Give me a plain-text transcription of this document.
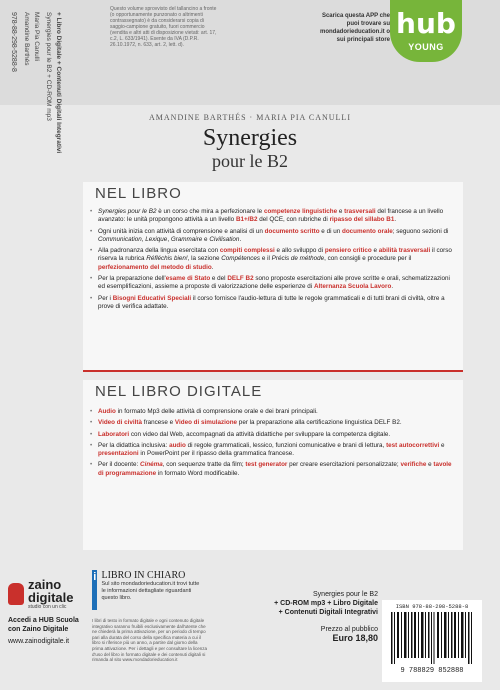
978-88-298-5288-8 Amandine Barthés Maria Pia Canulli Synergies pour le B2 + CD-ROM mp3 + Libro Digitale + Contenuti Digitali Integrativi
Questo volume sprovvisto del tallancino a fronte (o opportunamente punzonato o altrimenti contrassegnato) è da considerarsi copia di saggio-campione gratuito, fuori commercio (vendita e altri atti di disposizione vietati: art. 17, c.2, L. 633/1941). Esente da IVA (D.P.R. 26.10.1972, n. 633, art. 2, lett. d).
Scarica questa APP che puoi trovare su mondadorieducation.it o sui principali store hub
YOUNG
AMANDINE BARTHÉS · MARIA PIA CANULLI
Synergies
pour le B2
NEL LIBRO
• Synergies pour le B2 è un corso che mira a perfezionare le competenze linguistiche e trasversali del francese a un livello avanzato: le unità propongono attività a un livello B1+/B2 del QCE, con rubriche di ripasso del sillabo B1.
• Ogni unità inizia con attività di comprensione e analisi di un documento scritto e di un documento orale; seguono sezioni di Communication, Lexique, Grammaire e Civilisation.
• Alla padronanza della lingua esercitata con compiti complessi e allo sviluppo di pensiero critico e abilità trasversali il corso riserva la rubrica Réfléchis bien!, la sezione Compétences e il Précis de méthode, con consigli e procedure per il perfezionamento del metodo di studio.
• Per la preparazione dell'esame di Stato e del DELF B2 sono proposte esercitazioni alle prove scritte e orali, schematizzazioni ed esemplificazioni, assieme a proposte di valorizzazione delle esperienze di Alternanza Scuola Lavoro.
• Per i Bisogni Educativi Speciali il corso fornisce l'audio-lettura di tutte le regole grammaticali e di tutti brani di civiltà, oltre a prove di verifica adattate.
NEL LIBRO DIGITALE
• Audio in formato Mp3 delle attività di comprensione orale e dei brani principali.
• Video di civiltà francese e Video di simulazione per la preparazione alla certificazione linguistica DELF B2.
• Laboratori con video dal Web, accompagnati da attività didattiche per sviluppare la competenza digitale.
• Per la didattica inclusiva: audio di regole grammaticali, lessico, funzioni comunicative e brani di lettura, test autocorrettivi e presentazioni in PowerPoint per il ripasso della grammatica francese.
• Per il docente: Cinéma, con sequenze tratte da film; test generator per creare esercitazioni personalizzate; verifiche e tavole di programmazione in formato Word modificabile.
zaino
digitale
studio con un clic
Accedi a HUB Scuola con Zaino Digitale
www.zainodigitale.it
i LIBRO IN CHIARO
Sul sito mondadorieducation.it trovi tutte le informazioni dettagliate riguardanti questo libro.
I libri di testo in formato digitale e ogni contenuto digitale integrativo saranno fruibili esclusivamente dall'utente che ne chiederà la prima attivazione, per un periodo di tempo pari alla durata del corso della specifica materia a cui il libro si riferisce più un anno, a partire dal giorno della prima attivazione. Per i dettagli e per consultare la licenza d'uso del libro in formato digitale e dei contenuti digitali si rimanda al sito www.mondadorieducation.it
Synergies pour le B2
+ CD-ROM mp3 + Libro Digitale
+ Contenuti Digitali Integrativi
Prezzo al pubblico
Euro 18,80
ISBN 978-88-298-5288-8
9 788829 852888
